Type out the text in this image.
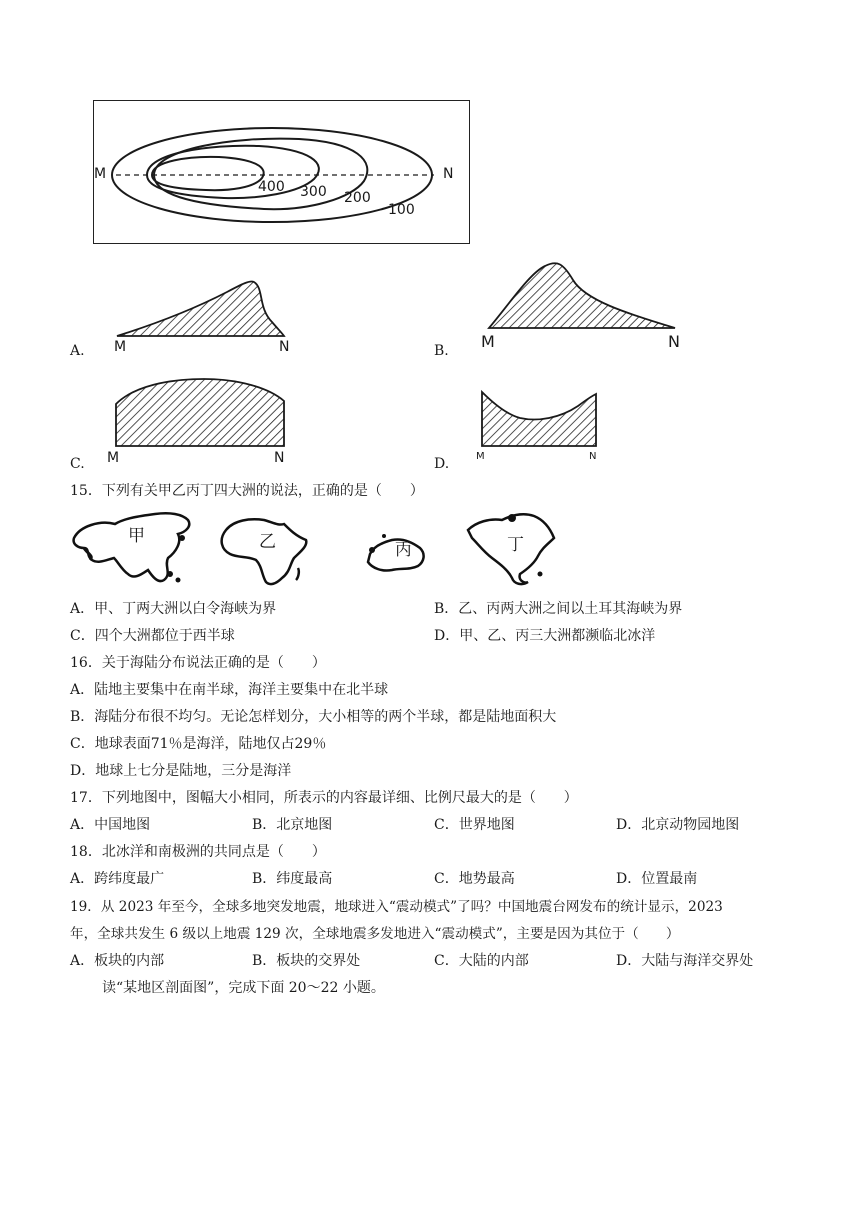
M	N
400 300 200
100
A. M	N	B. M	N
C. M	N	D.	M	N
15．下列有关甲乙丙丁四大洲的说法，正确的是（　　）
甲	乙	丙	丁
A．甲、丁两大洲以白令海峡为界	B．乙、丙两大洲之间以土耳其海峡为界
C．四个大洲都位于西半球	D．甲、乙、丙三大洲都濒临北冰洋
16．关于海陆分布说法正确的是（　　）
A．陆地主要集中在南半球，海洋主要集中在北半球
B．海陆分布很不均匀。无论怎样划分，大小相等的两个半球，都是陆地面积大
C．地球表面71％是海洋，陆地仅占29％
D．地球上七分是陆地，三分是海洋
17．下列地图中，图幅大小相同，所表示的内容最详细、比例尺最大的是（　　）
A．中国地图	B．北京地图	C．世界地图	D．北京动物园地图
18．北冰洋和南极洲的共同点是（　　）
A．跨纬度最广	B．纬度最高	C．地势最高	D．位置最南
19．从 2023 年至今，全球多地突发地震，地球进入“震动模式”了吗？中国地震台网发布的统计显示，2023
年，全球共发生 6 级以上地震 129 次，全球地震多发地进入“震动模式”，主要是因为其位于（　　）
A．板块的内部	B．板块的交界处	C．大陆的内部	D．大陆与海洋交界处
读“某地区剖面图”，完成下面 20～22 小题。
